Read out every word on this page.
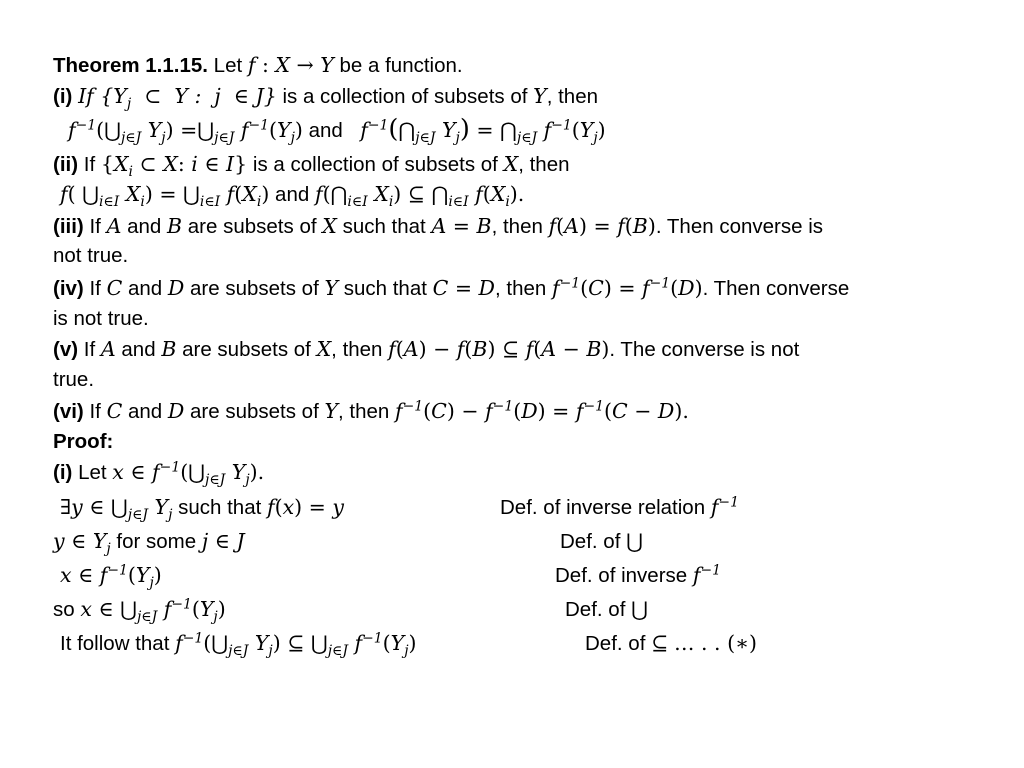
Theorem 1.1.15. Let f : X → Y be a function.
(i) If {$Y_j$  ⊂  Y :  j  ∈ J} is a collection of subsets of Y, then
$f^{-1}(⋃_{j\in J}$ $Y_j$) $=⋃_{j\in J}$ $f^{-1}(Y_j)$ and $f^{-1}(⋂_{j\in J}$ $Y_j$) = $⋂_{j\in J}$ $f^{-1}(Y_j)$
(ii) If {$X_i$ ⊂ X: i ∈ I} is a collection of subsets of X, then
f( $⋃_{i\in I}$ $X_i$) = $⋃_{i\in I}$ $f(X_i)$ and $f(⋂_{i\in I}$ $X_i$) ⊆ $⋂_{i\in I}$ $f(X_i)$.
(iii) If A and B are subsets of X such that A = B, then f(A) = f(B). Then converse is
not true.
(iv) If C and D are subsets of Y such that C = D, then $f^{-1}(C) = f^{-1}(D)$. Then converse
is not true.
(v) If A and B are subsets of X, then f(A) − f(B) ⊆ f(A − B). The converse is not
true.
(vi) If C and D are subsets of Y, then $f^{-1}(C) - f^{-1}(D) = f^{-1}(C - D)$.
Proof:
(i) Let x ∈ $f^{-1}(⋃_{j\in J}$ $Y_j$).
∃y ∈ $⋃_{j\in J}$ $Y_j$ such that f(x) = y	Def. of inverse relation $f^{-1}$
y ∈ $Y_j$ for some j ∈ J	Def. of ⋃
x ∈ $f^{-1}(Y_j)$	Def. of inverse $f^{-1}$
so x ∈ $⋃_{j\in J}$ $f^{-1}(Y_j)$	Def. of ⋃
It follow that $f^{-1}(⋃_{j\in J}$ $Y_j$) ⊆ $⋃_{j\in J}$ $f^{-1}(Y_j)$	Def. of ⊆ … . . (∗)
